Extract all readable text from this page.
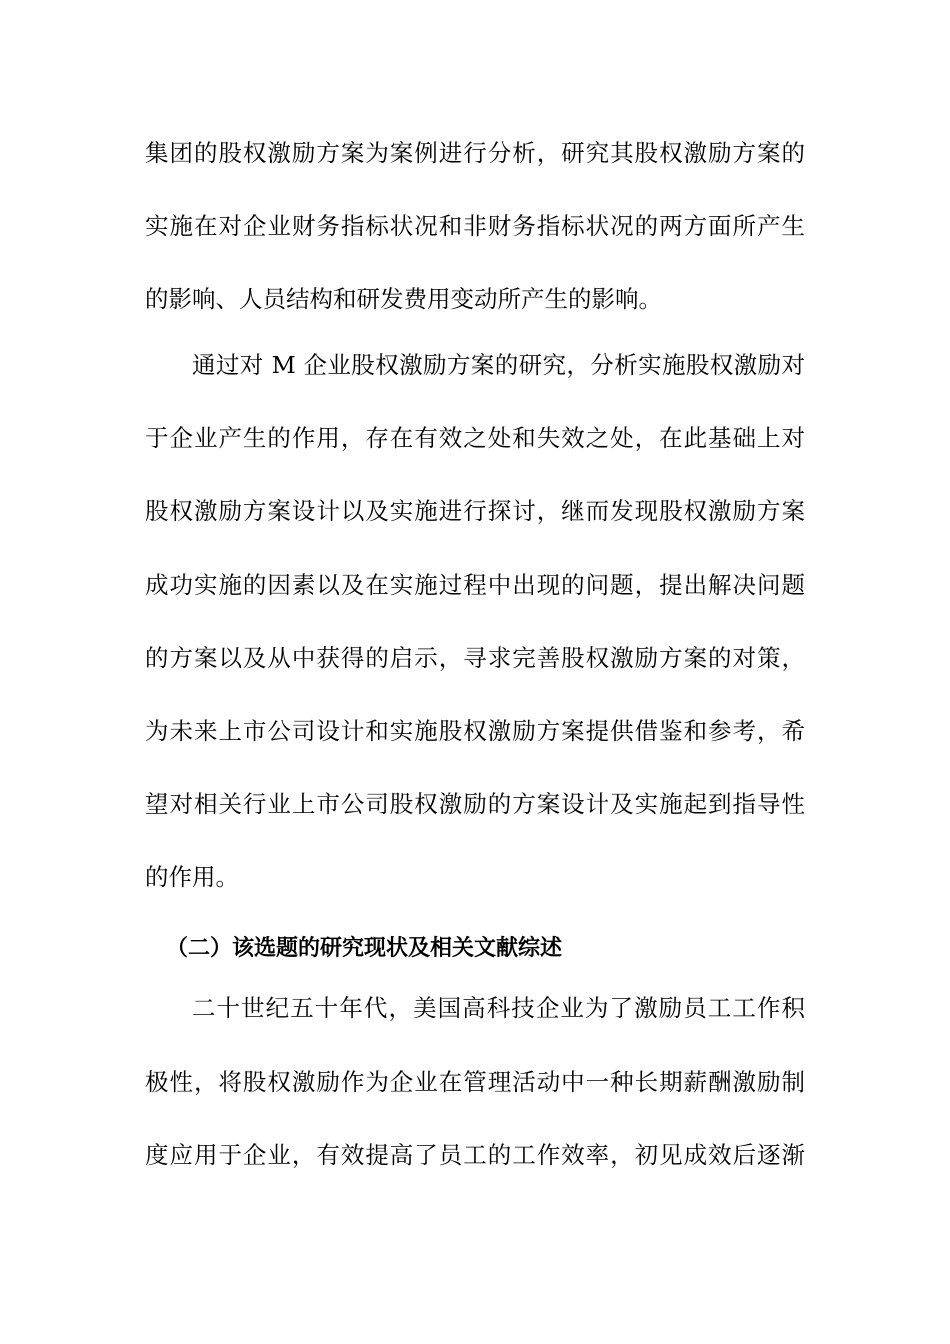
集团的股权激励方案为案例进行分析，研究其股权激励方案的
实施在对企业财务指标状况和非财务指标状况的两方面所产生
的影响、人员结构和研发费用变动所产生的影响。
通过对 M 企业股权激励方案的研究，分析实施股权激励对
于企业产生的作用，存在有效之处和失效之处，在此基础上对
股权激励方案设计以及实施进行探讨，继而发现股权激励方案
成功实施的因素以及在实施过程中出现的问题，提出解决问题
的方案以及从中获得的启示，寻求完善股权激励方案的对策，
为未来上市公司设计和实施股权激励方案提供借鉴和参考，希
望对相关行业上市公司股权激励的方案设计及实施起到指导性
的作用。
（二）该选题的研究现状及相关文献综述
二十世纪五十年代，美国高科技企业为了激励员工工作积
极性，将股权激励作为企业在管理活动中一种长期薪酬激励制
度应用于企业，有效提高了员工的工作效率，初见成效后逐渐
